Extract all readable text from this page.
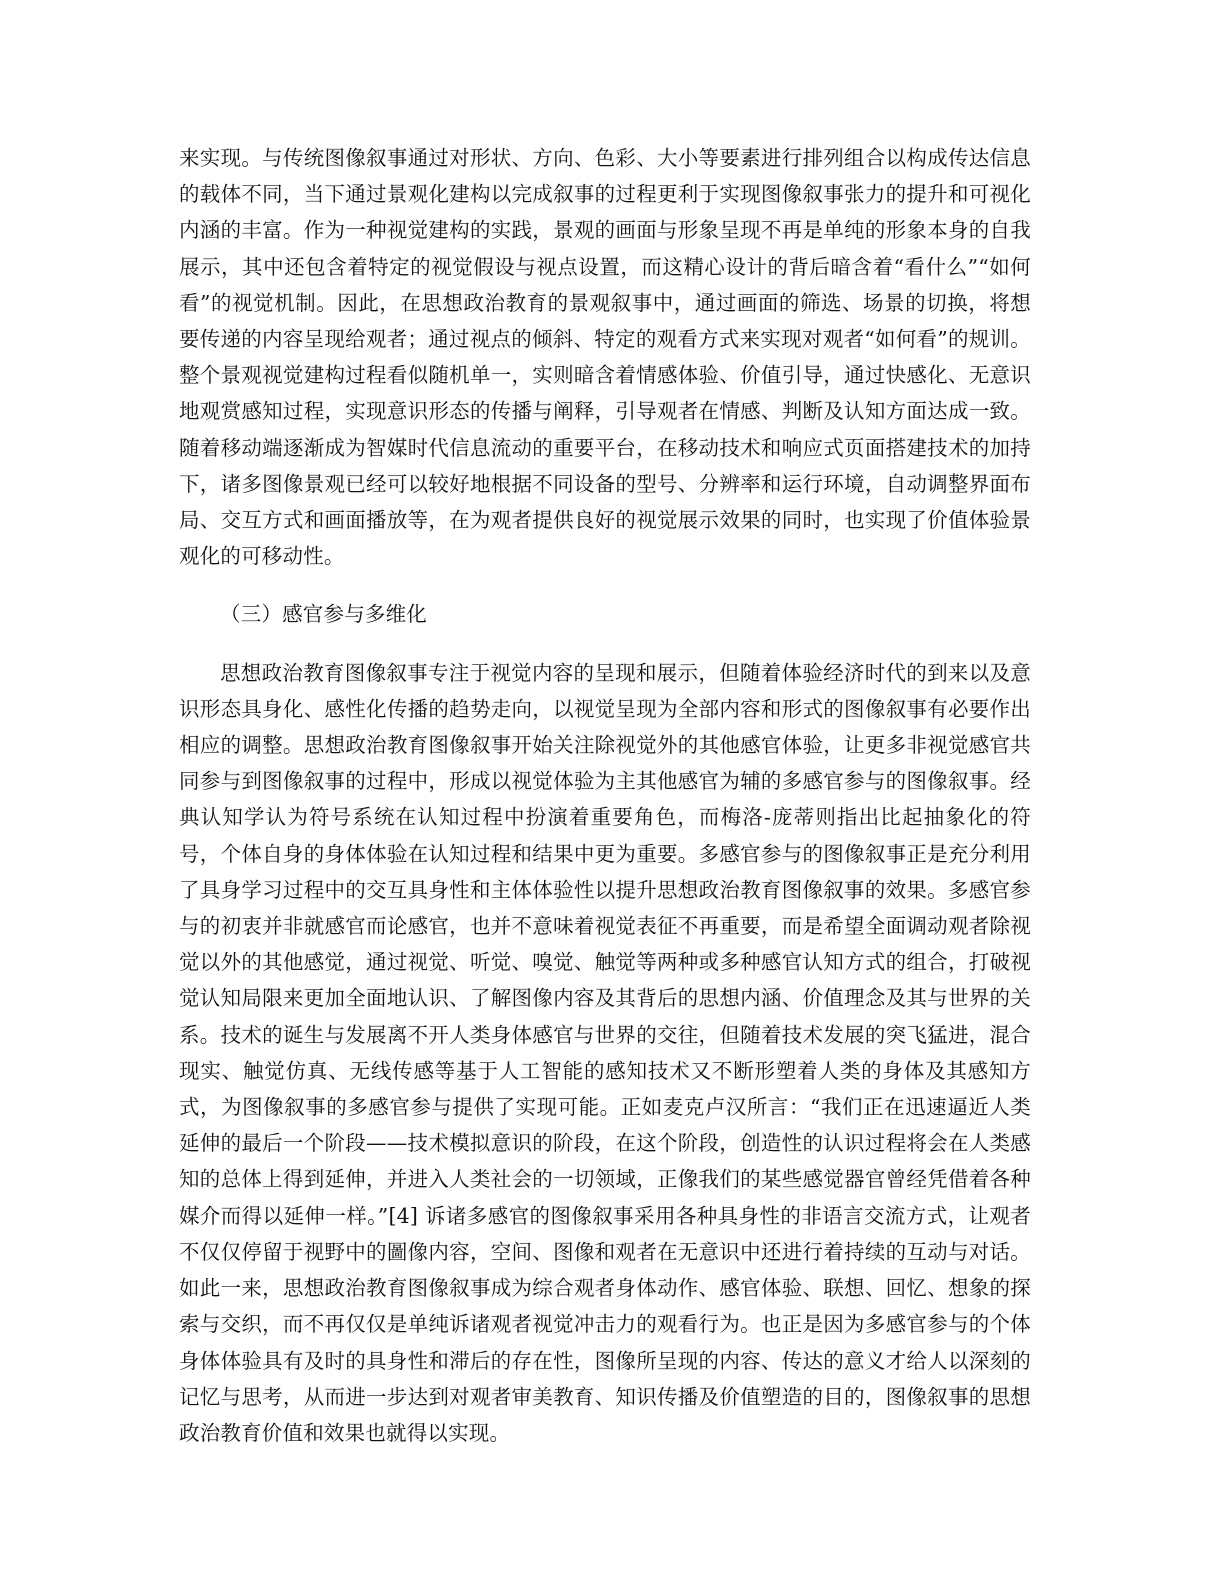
来实现。与传统图像叙事通过对形状、方向、色彩、大小等要素进行排列组合以构成传达信息的载体不同，当下通过景观化建构以完成叙事的过程更利于实现图像叙事张力的提升和可视化内涵的丰富。作为一种视觉建构的实践，景观的画面与形象呈现不再是单纯的形象本身的自我展示，其中还包含着特定的视觉假设与视点设置，而这精心设计的背后暗含着“看什么”“如何看”的视觉机制。因此，在思想政治教育的景观叙事中，通过画面的筛选、场景的切换，将想要传递的内容呈现给观者；通过视点的倾斜、特定的观看方式来实现对观者“如何看”的规训。整个景观视觉建构过程看似随机单一，实则暗含着情感体验、价值引导，通过快感化、无意识地观赏感知过程，实现意识形态的传播与阐释，引导观者在情感、判断及认知方面达成一致。随着移动端逐渐成为智媒时代信息流动的重要平台，在移动技术和响应式页面搭建技术的加持下，诸多图像景观已经可以较好地根据不同设备的型号、分辨率和运行环境，自动调整界面布局、交互方式和画面播放等，在为观者提供良好的视觉展示效果的同时，也实现了价值体验景观化的可移动性。

（三）感官参与多维化

思想政治教育图像叙事专注于视觉内容的呈现和展示，但随着体验经济时代的到来以及意识形态具身化、感性化传播的趋势走向，以视觉呈现为全部内容和形式的图像叙事有必要作出相应的调整。思想政治教育图像叙事开始关注除视觉外的其他感官体验，让更多非视觉感官共同参与到图像叙事的过程中，形成以视觉体验为主其他感官为辅的多感官参与的图像叙事。经典认知学认为符号系统在认知过程中扮演着重要角色，而梅洛-庞蒂则指出比起抽象化的符号，个体自身的身体体验在认知过程和结果中更为重要。多感官参与的图像叙事正是充分利用了具身学习过程中的交互具身性和主体体验性以提升思想政治教育图像叙事的效果。多感官参与的初衷并非就感官而论感官，也并不意味着视觉表征不再重要，而是希望全面调动观者除视觉以外的其他感觉，通过视觉、听觉、嗅觉、触觉等两种或多种感官认知方式的组合，打破视觉认知局限来更加全面地认识、了解图像内容及其背后的思想内涵、价值理念及其与世界的关系。技术的诞生与发展离不开人类身体感官与世界的交往，但随着技术发展的突飞猛进，混合现实、触觉仿真、无线传感等基于人工智能的感知技术又不断形塑着人类的身体及其感知方式，为图像叙事的多感官参与提供了实现可能。正如麦克卢汉所言：“我们正在迅速逼近人类延伸的最后一个阶段——技术模拟意识的阶段，在这个阶段，创造性的认识过程将会在人类感知的总体上得到延伸，并进入人类社会的一切领域，正像我们的某些感觉器官曾经凭借着各种媒介而得以延伸一样。”[4] 诉诸多感官的图像叙事采用各种具身性的非语言交流方式，让观者不仅仅停留于视野中的圖像内容，空间、图像和观者在无意识中还进行着持续的互动与对话。如此一来，思想政治教育图像叙事成为综合观者身体动作、感官体验、联想、回忆、想象的探索与交织，而不再仅仅是单纯诉诸观者视觉冲击力的观看行为。也正是因为多感官参与的个体身体体验具有及时的具身性和滞后的存在性，图像所呈现的内容、传达的意义才给人以深刻的记忆与思考，从而进一步达到对观者审美教育、知识传播及价值塑造的目的，图像叙事的思想政治教育价值和效果也就得以实现。
